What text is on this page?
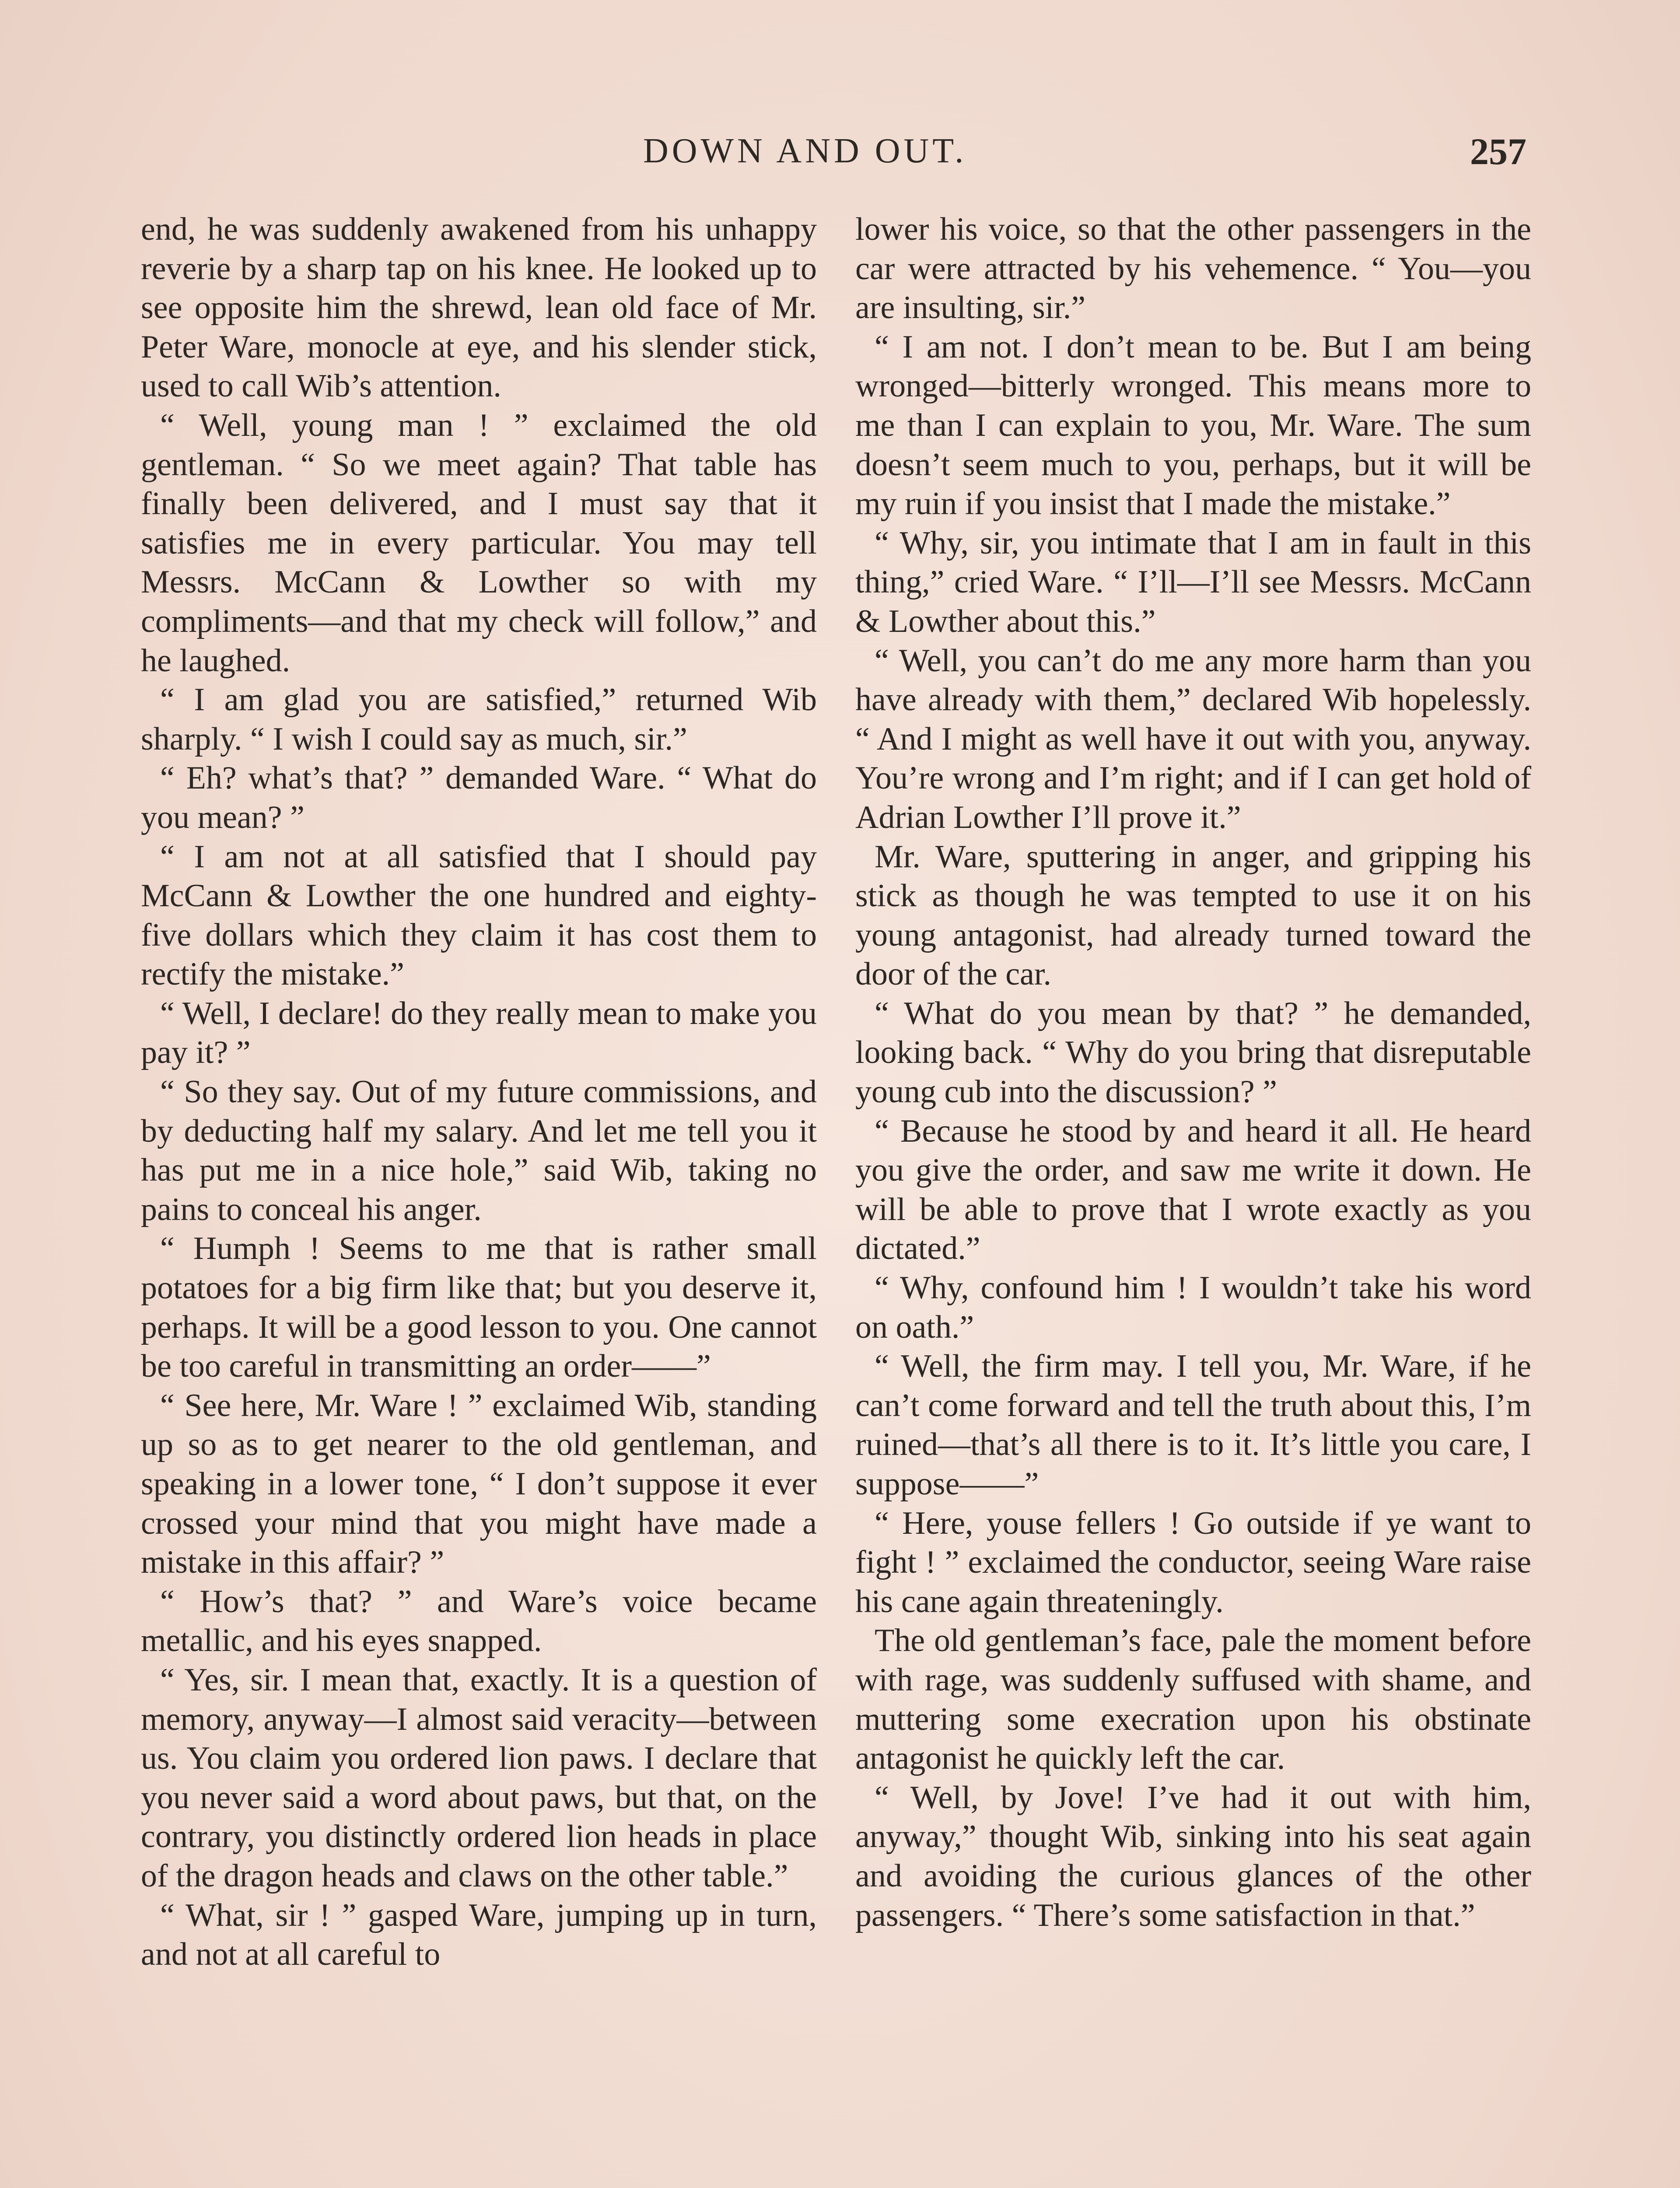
DOWN AND OUT.	257

end, he was suddenly awakened from his unhappy reverie by a sharp tap on his knee. He looked up to see opposite him the shrewd, lean old face of Mr. Peter Ware, monocle at eye, and his slender stick, used to call Wib’s attention.

“ Well, young man ! ” exclaimed the old gentleman. “ So we meet again? That table has finally been delivered, and I must say that it satisfies me in every particular. You may tell Messrs. McCann & Lowther so with my compliments—and that my check will follow,” and he laughed.

“ I am glad you are satisfied,” returned Wib sharply. “ I wish I could say as much, sir.”

“ Eh? what’s that? ” demanded Ware. “ What do you mean? ”

“ I am not at all satisfied that I should pay McCann & Lowther the one hundred and eighty-five dollars which they claim it has cost them to rectify the mistake.”

“ Well, I declare! do they really mean to make you pay it? ”

“ So they say. Out of my future commissions, and by deducting half my salary. And let me tell you it has put me in a nice hole,” said Wib, taking no pains to conceal his anger.

“ Humph ! Seems to me that is rather small potatoes for a big firm like that; but you deserve it, perhaps. It will be a good lesson to you. One cannot be too careful in transmitting an order——”

“ See here, Mr. Ware ! ” exclaimed Wib, standing up so as to get nearer to the old gentleman, and speaking in a lower tone, “ I don’t suppose it ever crossed your mind that you might have made a mistake in this affair? ”

“ How’s that? ” and Ware’s voice became metallic, and his eyes snapped.

“ Yes, sir. I mean that, exactly. It is a question of memory, anyway—I almost said veracity—between us. You claim you ordered lion paws. I declare that you never said a word about paws, but that, on the contrary, you distinctly ordered lion heads in place of the dragon heads and claws on the other table.”

“ What, sir ! ” gasped Ware, jumping up in turn, and not at all careful to

lower his voice, so that the other passengers in the car were attracted by his vehemence. “ You—you are insulting, sir.”

“ I am not. I don’t mean to be. But I am being wronged—bitterly wronged. This means more to me than I can explain to you, Mr. Ware. The sum doesn’t seem much to you, perhaps, but it will be my ruin if you insist that I made the mistake.”

“ Why, sir, you intimate that I am in fault in this thing,” cried Ware. “ I’ll—I’ll see Messrs. McCann & Lowther about this.”

“ Well, you can’t do me any more harm than you have already with them,” declared Wib hopelessly. “ And I might as well have it out with you, anyway. You’re wrong and I’m right; and if I can get hold of Adrian Lowther I’ll prove it.”

Mr. Ware, sputtering in anger, and gripping his stick as though he was tempted to use it on his young antagonist, had already turned toward the door of the car.

“ What do you mean by that? ” he demanded, looking back. “ Why do you bring that disreputable young cub into the discussion? ”

“ Because he stood by and heard it all. He heard you give the order, and saw me write it down. He will be able to prove that I wrote exactly as you dictated.”

“ Why, confound him ! I wouldn’t take his word on oath.”

“ Well, the firm may. I tell you, Mr. Ware, if he can’t come forward and tell the truth about this, I’m ruined—that’s all there is to it. It’s little you care, I suppose——”

“ Here, youse fellers ! Go outside if ye want to fight ! ” exclaimed the conductor, seeing Ware raise his cane again threateningly.

The old gentleman’s face, pale the moment before with rage, was suddenly suffused with shame, and muttering some execration upon his obstinate antagonist he quickly left the car.

“ Well, by Jove! I’ve had it out with him, anyway,” thought Wib, sinking into his seat again and avoiding the curious glances of the other passengers. “ There’s some satisfaction in that.”
